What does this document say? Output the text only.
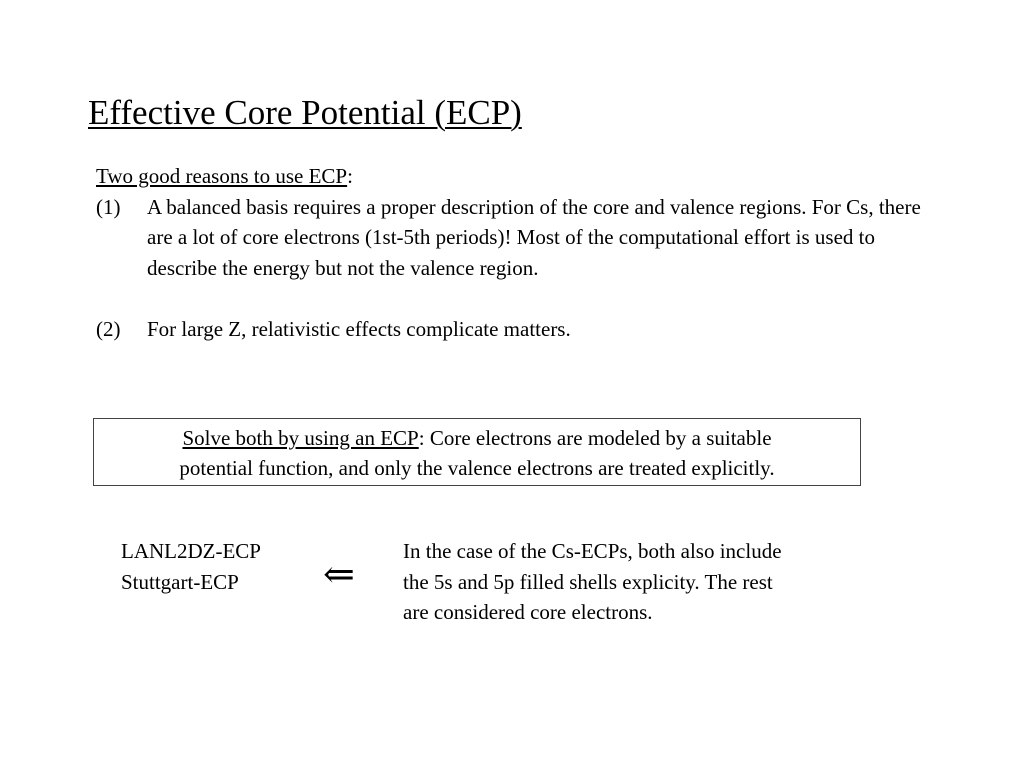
Effective Core Potential (ECP)
Two good reasons to use ECP:
(1)	A balanced basis requires a proper description of the core and valence regions. For Cs, there are a lot of core electrons (1st-5th periods)! Most of the computational effort is used to describe the energy but not the valence region.
(2)	For large Z, relativistic effects complicate matters.
Solve both by using an ECP: Core electrons are modeled by a suitable
potential function, and only the valence electrons are treated explicitly.
LANL2DZ-ECP
Stuttgart-ECP	⇐
In the case of the Cs-ECPs, both also include
the 5s and 5p filled shells explicity. The rest
are considered core electrons.
